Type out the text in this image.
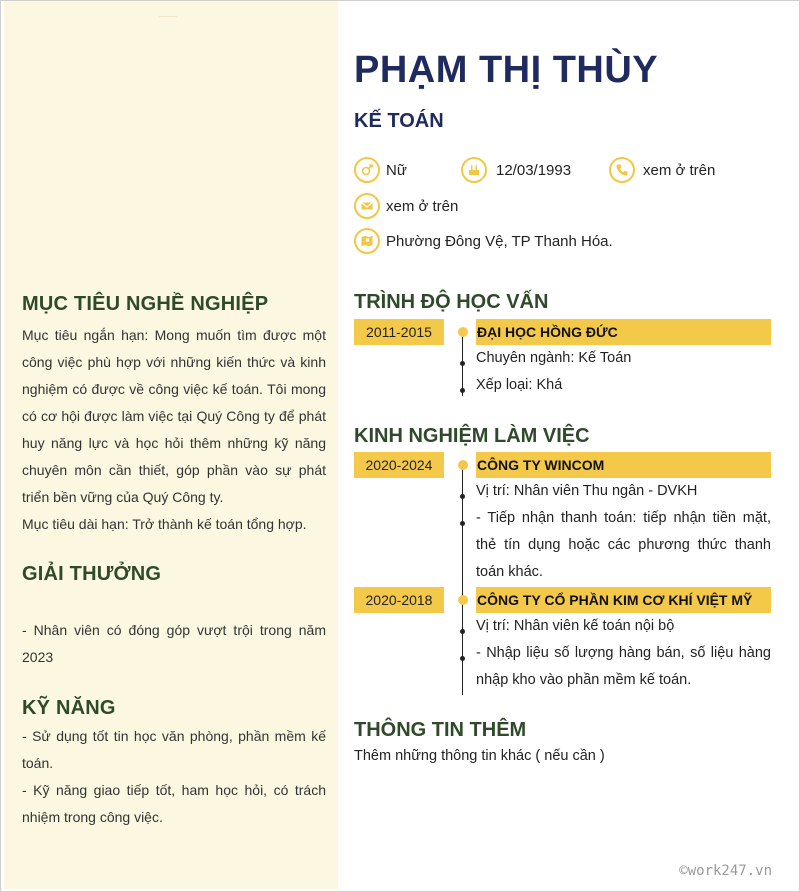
MỤC TIÊU NGHỀ NGHIỆP
Mục tiêu ngắn hạn: Mong muốn tìm được một công việc phù hợp với những kiến thức và kinh nghiệm có được về công việc kế toán. Tôi mong có cơ hội được làm việc tại Quý Công ty để phát huy năng lực và học hỏi thêm những kỹ năng chuyên môn cần thiết, góp phần vào sự phát triển bền vững của Quý Công ty.
Mục tiêu dài hạn: Trở thành kế toán tổng hợp.
GIẢI THƯỞNG
- Nhân viên có đóng góp vượt trội trong năm 2023
KỸ NĂNG
- Sử dụng tốt tin học văn phòng, phần mềm kế toán.
- Kỹ năng giao tiếp tốt, ham học hỏi, có trách nhiệm trong công việc.
PHẠM THỊ THÙY
KẾ TOÁN
Nữ	12/03/1993	xem ở trên
xem ở trên
Phường Đông Vệ, TP Thanh Hóa.
TRÌNH ĐỘ HỌC VẤN
2011-2015	ĐẠI HỌC HỒNG ĐỨC
Chuyên ngành: Kế Toán
Xếp loại: Khá
KINH NGHIỆM LÀM VIỆC
2020-2024	CÔNG TY WINCOM
Vị trí: Nhân viên Thu ngân - DVKH
- Tiếp nhận thanh toán: tiếp nhận tiền mặt, thẻ tín dụng hoặc các phương thức thanh toán khác.
2020-2018	CÔNG TY CỔ PHẦN KIM CƠ KHÍ VIỆT MỸ
Vị trí: Nhân viên kế toán nội bộ
- Nhập liệu số lượng hàng bán, số liệu hàng nhập kho vào phần mềm kế toán.
THÔNG TIN THÊM
Thêm những thông tin khác ( nếu cần )
©work247.vn
